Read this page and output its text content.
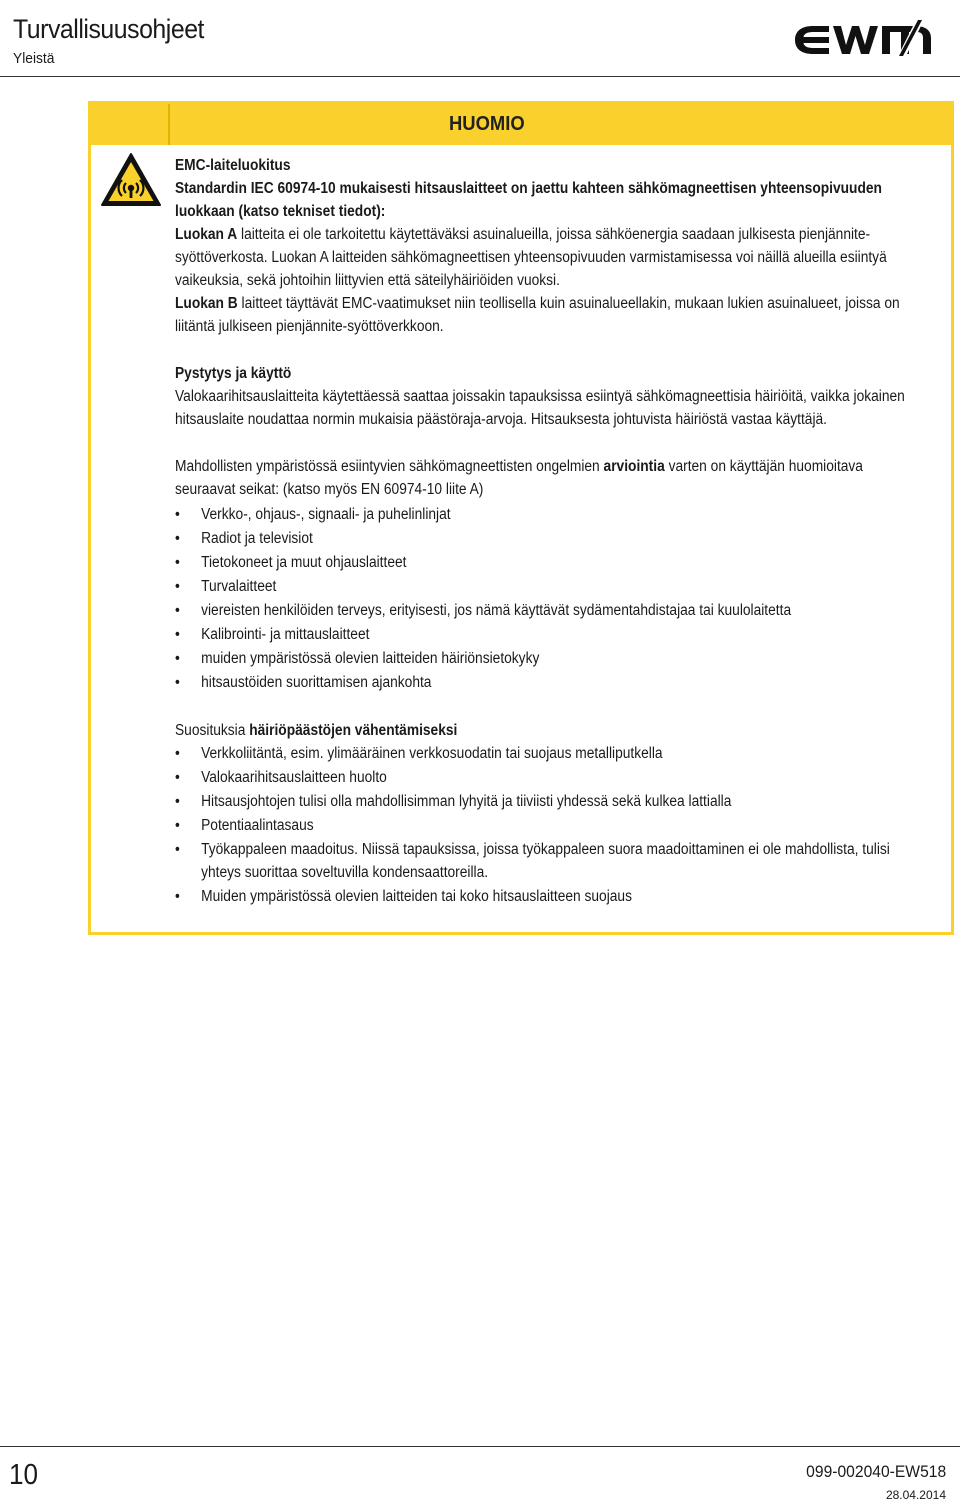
Turvallisuusohjeet
Yleistä
HUOMIO

EMC-laiteluokitus

Standardin IEC 60974-10 mukaisesti hitsauslaitteet on jaettu kahteen sähkömagneettisen yhteensopivuuden luokkaan (katso tekniset tiedot):

Luokan A laitteita ei ole tarkoitettu käytettäväksi asuinalueilla, joissa sähköenergia saadaan julkisesta pienjännitesyöttöverkosta. Luokan A laitteiden sähkömagneettisen yhteensopivuuden varmistamisessa voi näillä alueilla esiintyä vaikeuksia, sekä johtoihin liittyvien että säteilyhäiriöiden vuoksi.

Luokan B laitteet täyttävät EMC-vaatimukset niin teollisella kuin asuinalueellakin, mukaan lukien asuinalueet, joissa on liitäntä julkiseen pienjännite-syöttöverkkoon.

Pystytys ja käyttö

Valokaarihitsauslaitteita käytettäessä saattaa joissakin tapauksissa esiintyä sähkömagneettisia häiriöitä, vaikka jokainen hitsauslaite noudattaa normin mukaisia päästöraja-arvoja. Hitsauksesta johtuvista häiriöstä vastaa käyttäjä.

Mahdollisten ympäristössä esiintyvien sähkömagneettisten ongelmien arviointia varten on käyttäjän huomioitava seuraavat seikat: (katso myös EN 60974-10 liite A)

• Verkko-, ohjaus-, signaali- ja puhelinlinjat
• Radiot ja televisiot
• Tietokoneet ja muut ohjauslaitteet
• Turvalaitteet
• viereisten henkilöiden terveys, erityisesti, jos nämä käyttävät sydämentahdistajaa tai kuulolaitetta
• Kalibrointi- ja mittauslaitteet
• muiden ympäristössä olevien laitteiden häiriönsietokyky
• hitsaustöiden suorittamisen ajankohta

Suosituksia häiriöpäästöjen vähentämiseksi

• Verkkoliitäntä, esim. ylimääräinen verkkosuodatin tai suojaus metalliputkella
• Valokaarihitsauslaitteen huolto
• Hitsausjohtojen tulisi olla mahdollisimman lyhyitä ja tiiviisti yhdessä sekä kulkea lattialla
• Potentiaalintasaus
• Työkappaleen maadoitus. Niissä tapauksissa, joissa työkappaleen suora maadoittaminen ei ole mahdollista, tulisi yhteys suorittaa soveltuvilla kondensaattoreilla.
• Muiden ympäristössä olevien laitteiden tai koko hitsauslaitteen suojaus
10	099-002040-EW518
28.04.2014
